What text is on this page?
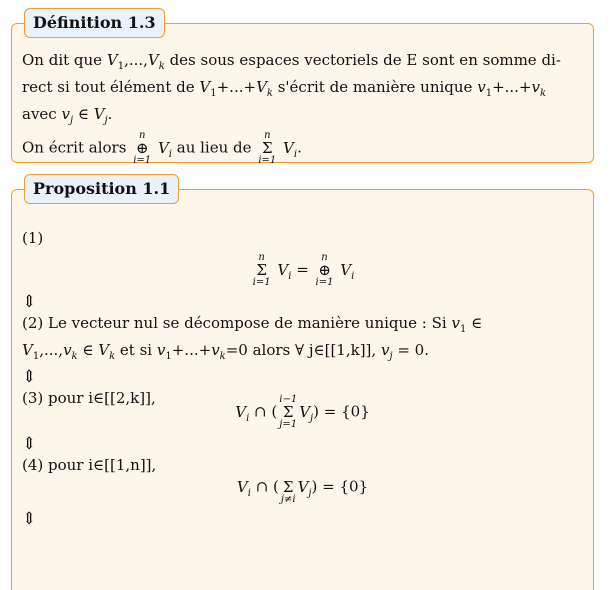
Définition 1.3
On dit que $V_1,...,V_k$ des sous espaces vectoriels de E sont en somme di-
rect si tout élément de $V_1+...+V_k$ s'écrit de manière unique $v_1+...+v_k$
avec $v_j$ ∈ $V_j$.
On écrit alors
n
⊕
i=1
$V_i$ au lieu de
n
Σ
i=1
$V_i$.
Proposition 1.1
(1)
n
Σ
i=1
$V_i$ =
n
⊕
i=1
$V_i$
⇕
(2) Le vecteur nul se décompose de manière unique : Si $v_1$ ∈
$V_1,...,v_k$ ∈ $V_k$ et si $v_1+...+v_k=0$ alors ∀ j∈[[1,k]], $v_j = 0$.
⇕
(3) pour i∈[[2,k]],
$V_i$ ∩ (
i−1
Σ
j=1
$V_j) = \{0\}$
⇕
(4) pour i∈[[1,n]],
$V_i$ ∩ (
Σ
j≠i
$V_j) = \{0\}$
⇕
